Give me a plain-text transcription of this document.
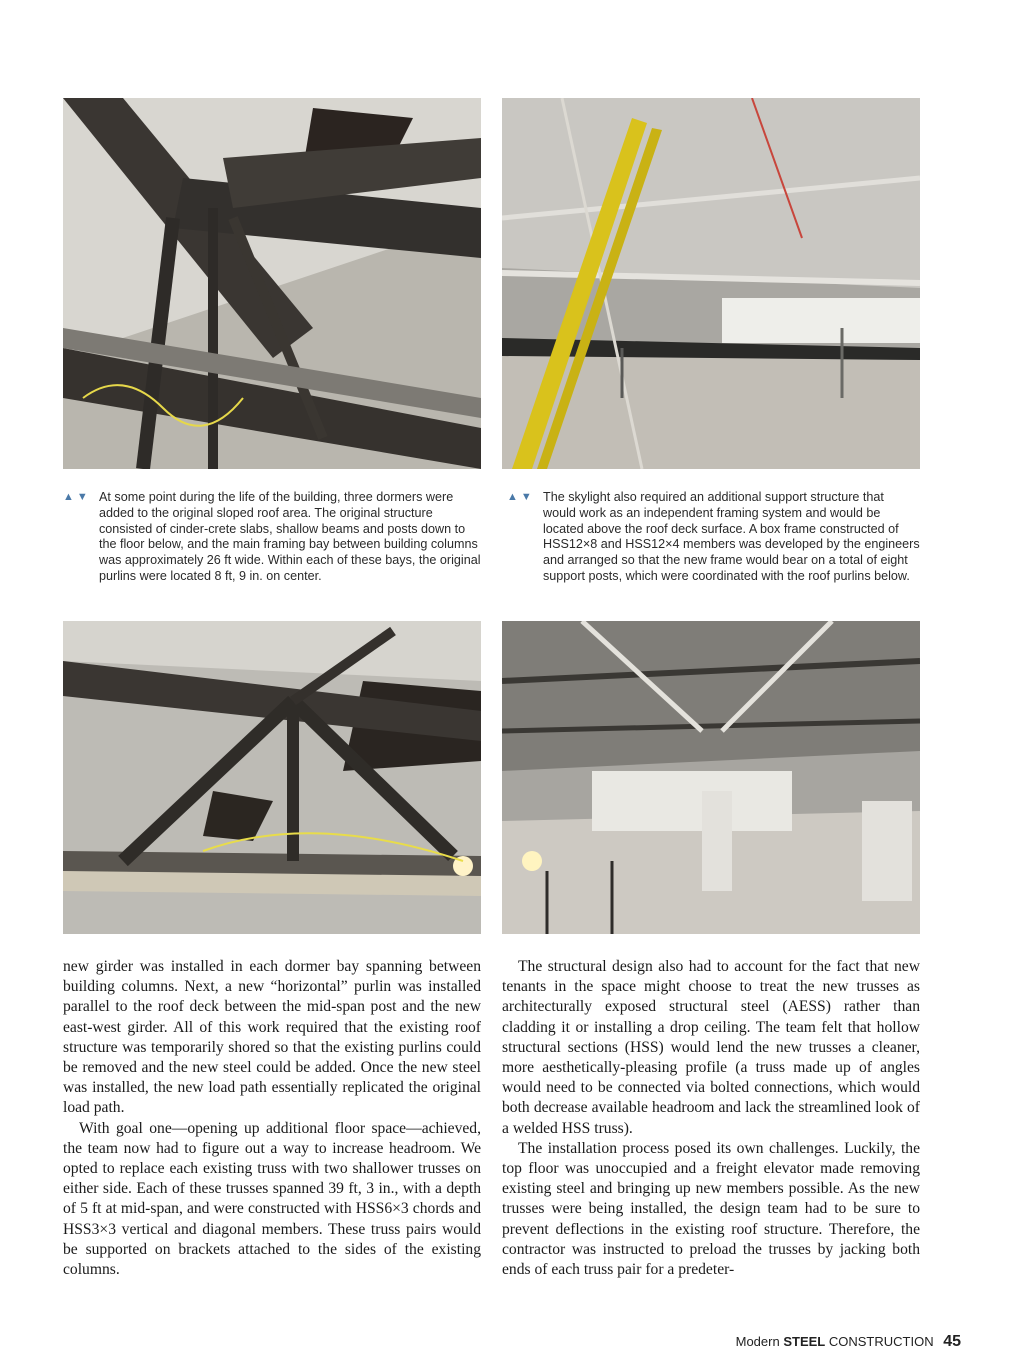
▲▼ At some point during the life of the building, three dormers were added to the original sloped roof area. The original structure consisted of cinder-crete slabs, shallow beams and posts down to the floor below, and the main framing bay between building columns was approximately 26 ft wide. Within each of these bays, the original purlins were located 8 ft, 9 in. on center.
▲▼ The skylight also required an additional support structure that would work as an independent framing system and would be located above the roof deck surface. A box frame constructed of HSS12×8 and HSS12×4 members was developed by the engineers and arranged so that the new frame would bear on a total of eight support posts, which were coordinated with the roof purlins below.

new girder was installed in each dormer bay spanning between building columns. Next, a new “horizontal” purlin was installed parallel to the roof deck between the mid-span post and the new east-west girder. All of this work required that the existing roof structure was temporarily shored so that the existing purlins could be removed and the new steel could be added. Once the new steel was installed, the new load path essentially replicated the original load path.

With goal one—opening up additional floor space—achieved, the team now had to figure out a way to increase headroom. We opted to replace each existing truss with two shallower trusses on either side. Each of these trusses spanned 39 ft, 3 in., with a depth of 5 ft at mid-span, and were constructed with HSS6×3 chords and HSS3×3 vertical and diagonal members. These truss pairs would be supported on brackets attached to the sides of the existing columns.

The structural design also had to account for the fact that new tenants in the space might choose to treat the new trusses as architecturally exposed structural steel (AESS) rather than cladding it or installing a drop ceiling. The team felt that hollow structural sections (HSS) would lend the new trusses a cleaner, more aesthetically-pleasing profile (a truss made up of angles would need to be connected via bolted connections, which would both decrease available headroom and lack the streamlined look of a welded HSS truss).

The installation process posed its own challenges. Luckily, the top floor was unoccupied and a freight elevator made removing existing steel and bringing up new members possible. As the new trusses were being installed, the design team had to be sure to prevent deflections in the existing roof structure. Therefore, the contractor was instructed to preload the trusses by jacking both ends of each truss pair for a predeter-

Modern STEEL CONSTRUCTION 45
